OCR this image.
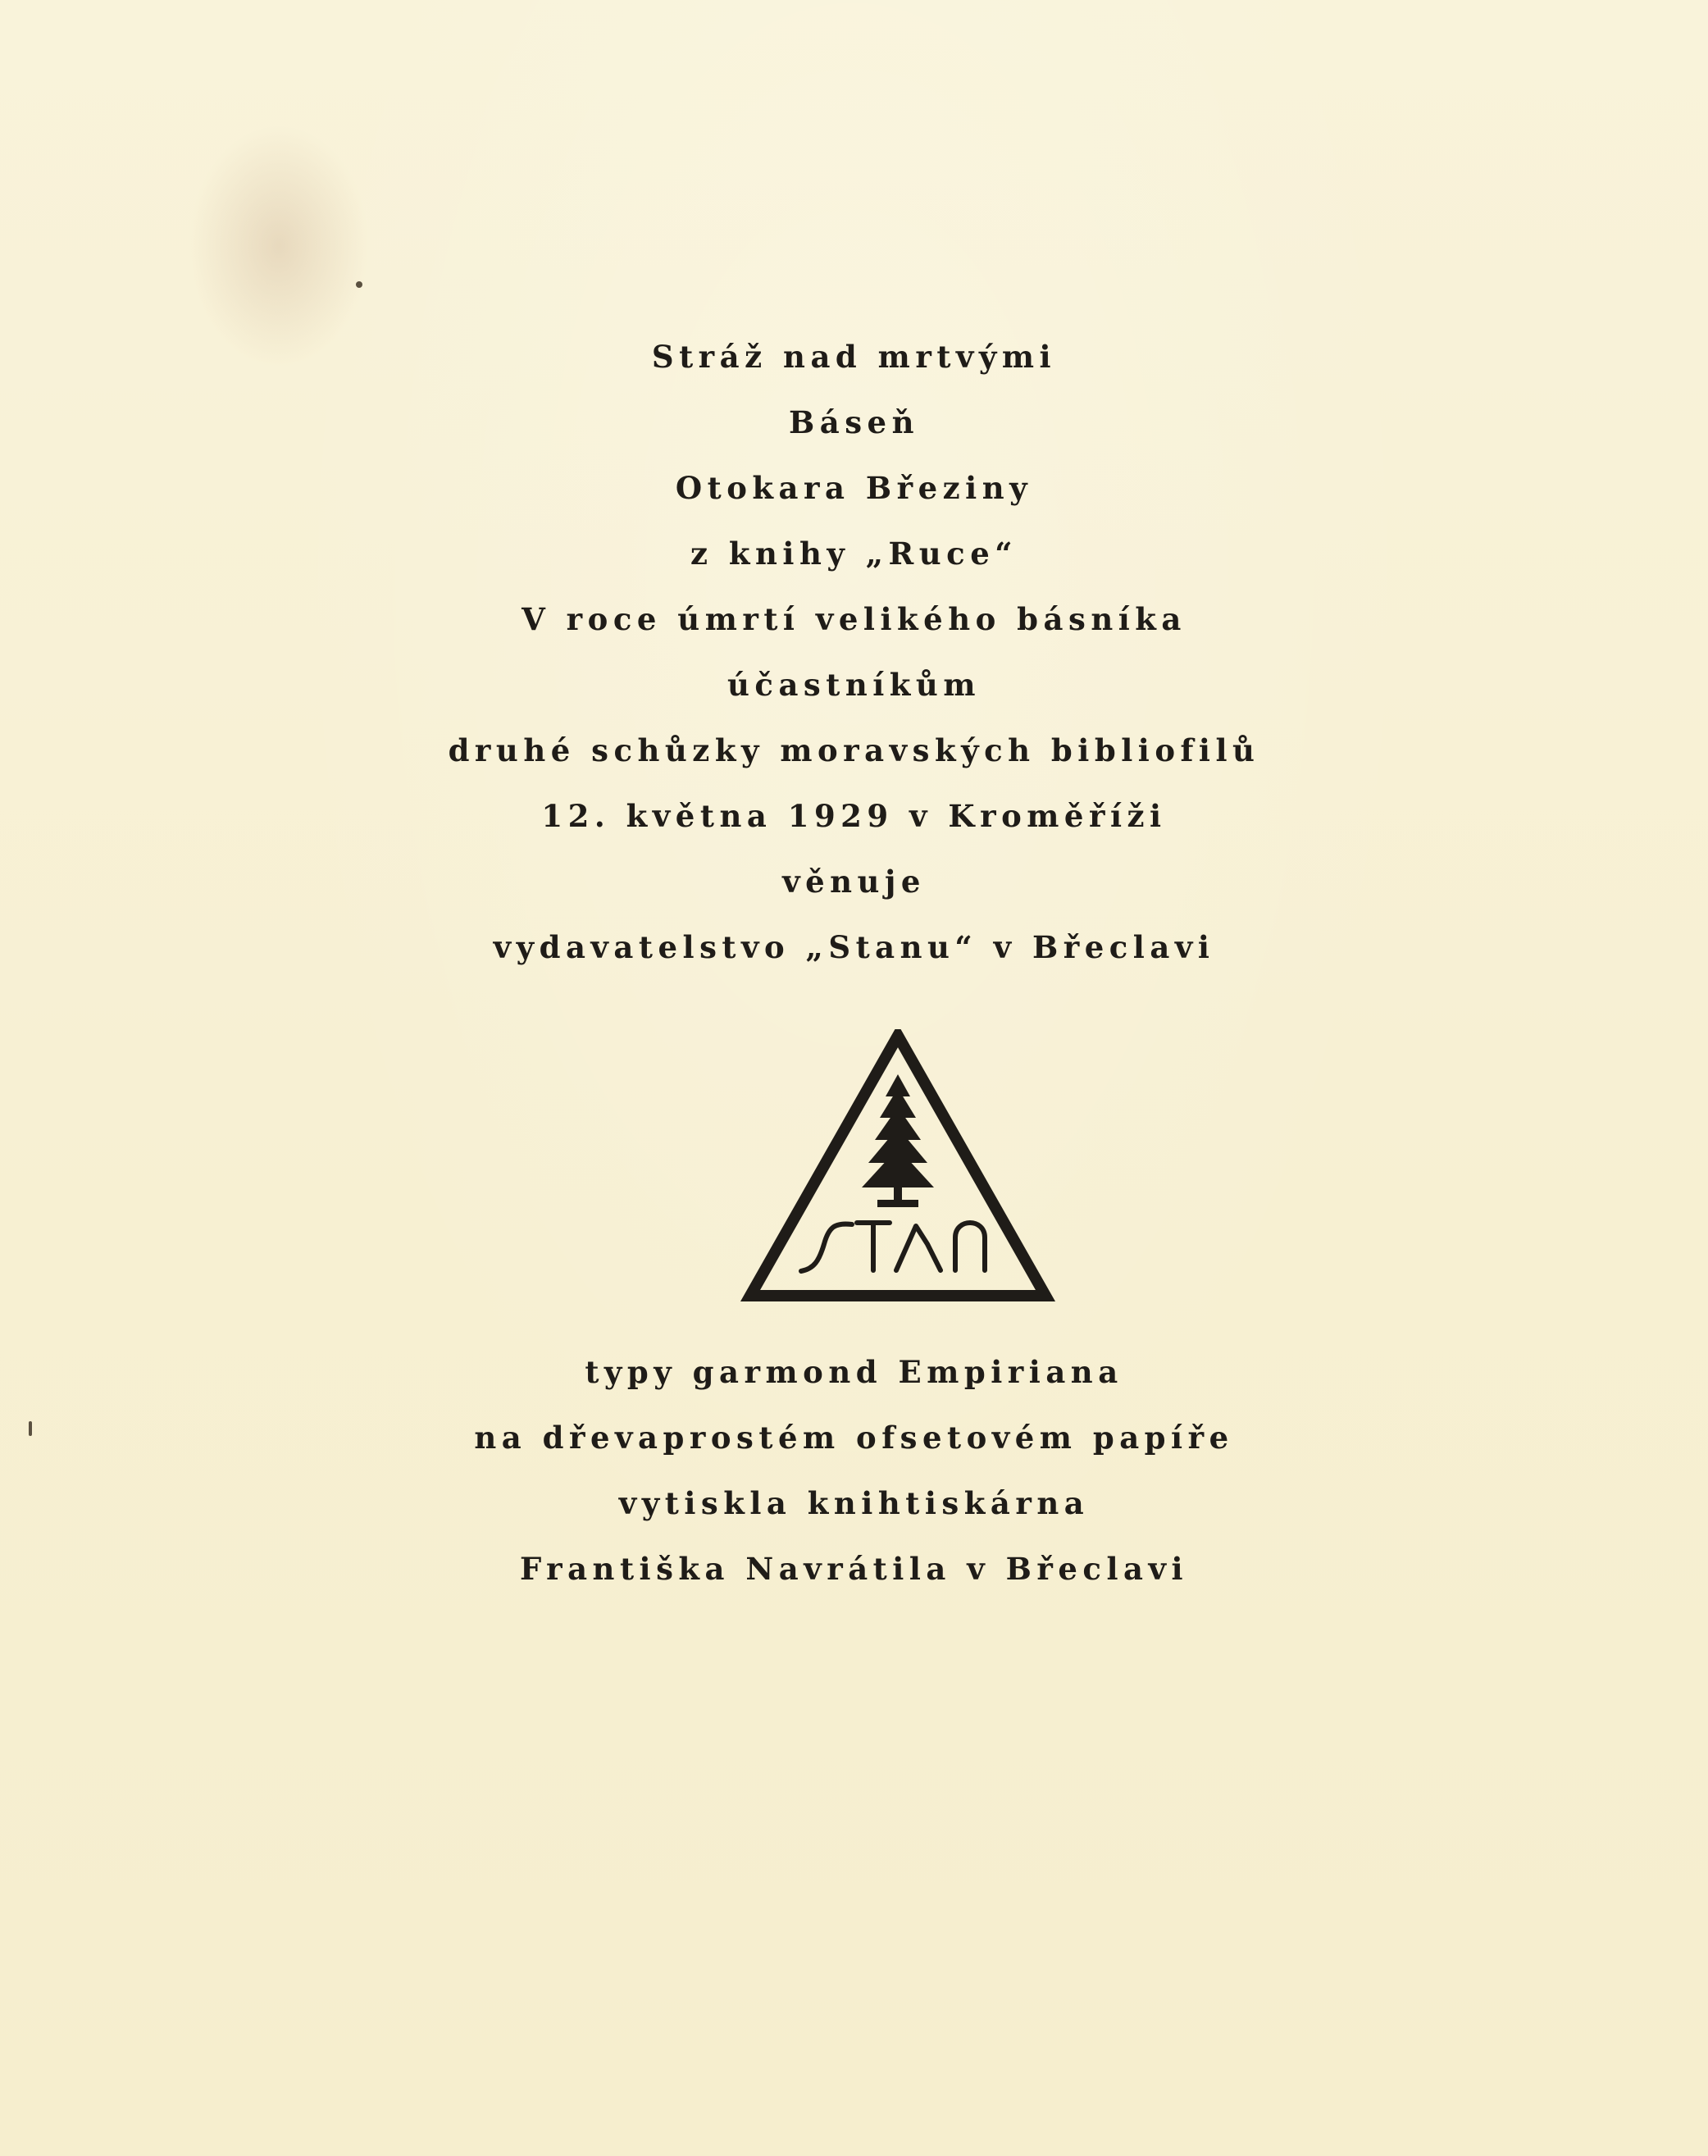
Stráž nad mrtvými
Báseň
Otokara Březiny
z knihy „Ruce“
V roce úmrtí velikého básníka
účastníkům
druhé schůzky moravských bibliofilů
12. května 1929 v Kroměříži
věnuje
vydavatelstvo „Stanu“ v Břeclavi
typy garmond Empiriana
na dřevaprostém ofsetovém papíře
vytiskla knihtiskárna
Františka Navrátila v Břeclavi
